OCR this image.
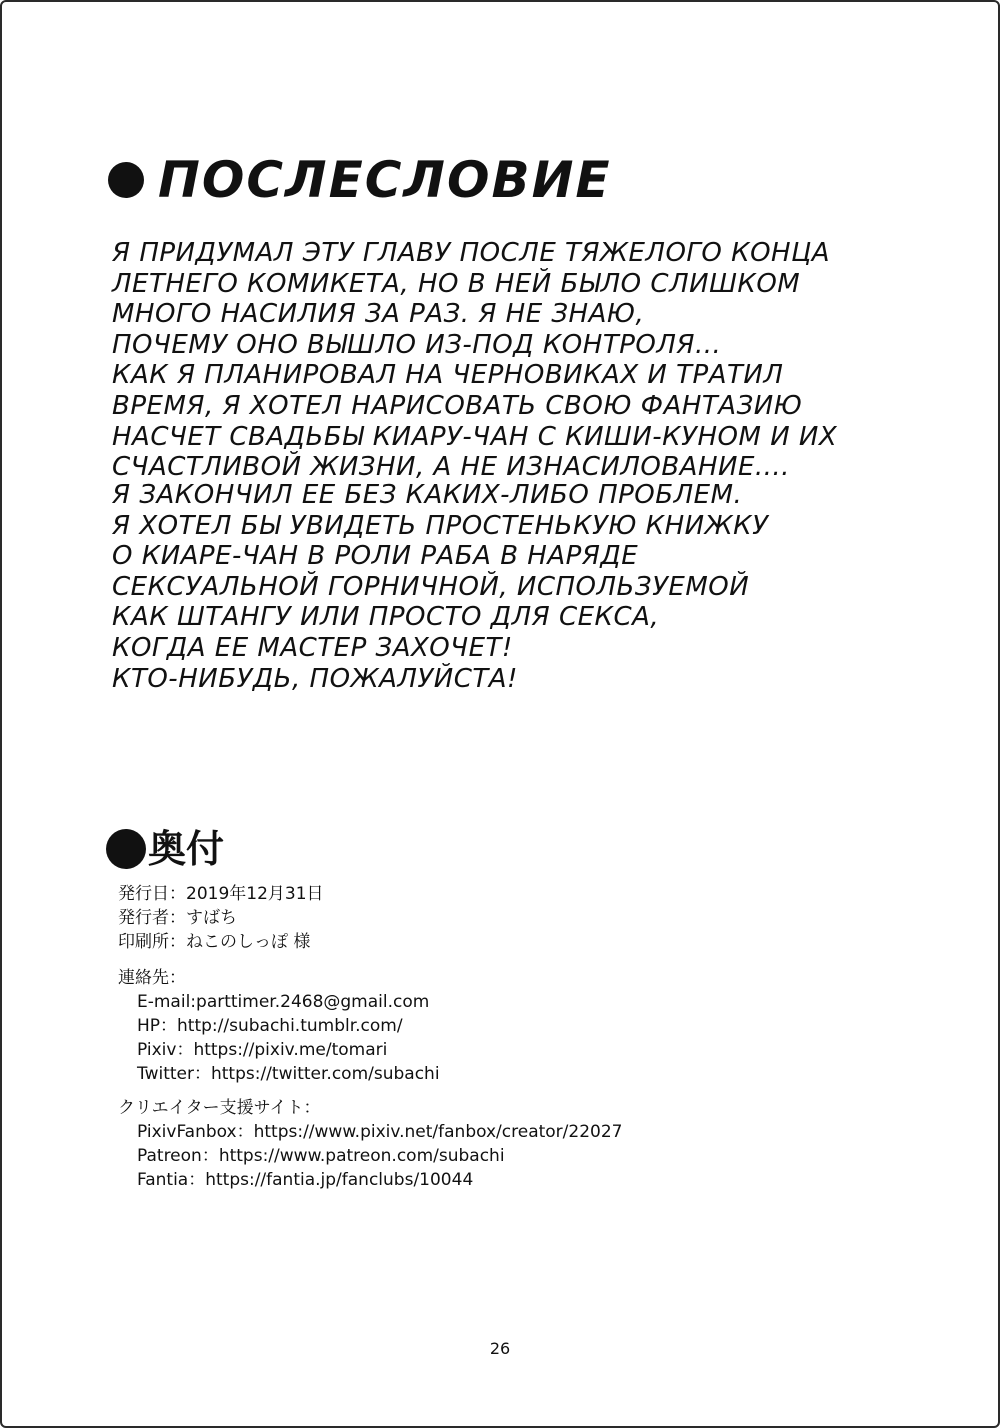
ПОСЛЕСЛОВИЕ
Я ПРИДУМАЛ ЭТУ ГЛАВУ ПОСЛЕ ТЯЖЕЛОГО КОНЦА
ЛЕТНЕГО КОМИКЕТА, НО В НЕЙ БЫЛО СЛИШКОМ
МНОГО НАСИЛИЯ ЗА РАЗ. Я НЕ ЗНАЮ,
ПОЧЕМУ ОНО ВЫШЛО ИЗ-ПОД КОНТРОЛЯ...
КАК Я ПЛАНИРОВАЛ НА ЧЕРНОВИКАХ И ТРАТИЛ
ВРЕМЯ, Я ХОТЕЛ НАРИСОВАТЬ СВОЮ ФАНТАЗИЮ
НАСЧЕТ СВАДЬБЫ КИАРУ-ЧАН С КИШИ-КУНОМ И ИХ
СЧАСТЛИВОЙ ЖИЗНИ, А НЕ ИЗНАСИЛОВАНИЕ....
Я ЗАКОНЧИЛ ЕЕ БЕЗ КАКИХ-ЛИБО ПРОБЛЕМ.
Я ХОТЕЛ БЫ УВИДЕТЬ ПРОСТЕНЬКУЮ КНИЖКУ
О КИАРЕ-ЧАН В РОЛИ РАБА В НАРЯДЕ
СЕКСУАЛЬНОЙ ГОРНИЧНОЙ, ИСПОЛЬЗУЕМОЙ
КАК ШТАНГУ ИЛИ ПРОСТО ДЛЯ СЕКСА,
КОГДА ЕЕ МАСТЕР ЗАХОЧЕТ!
КТО-НИБУДЬ, ПОЖАЛУЙСТА!
奥付
発行日：2019年12月31日
発行者：すばち
印刷所：ねこのしっぽ 様
連絡先：
E-mail:parttimer.2468@gmail.com
HP：http://subachi.tumblr.com/
Pixiv：https://pixiv.me/tomari
Twitter：https://twitter.com/subachi
クリエイター支援サイト：
PixivFanbox：https://www.pixiv.net/fanbox/creator/22027
Patreon：https://www.patreon.com/subachi
Fantia：https://fantia.jp/fanclubs/10044
26
